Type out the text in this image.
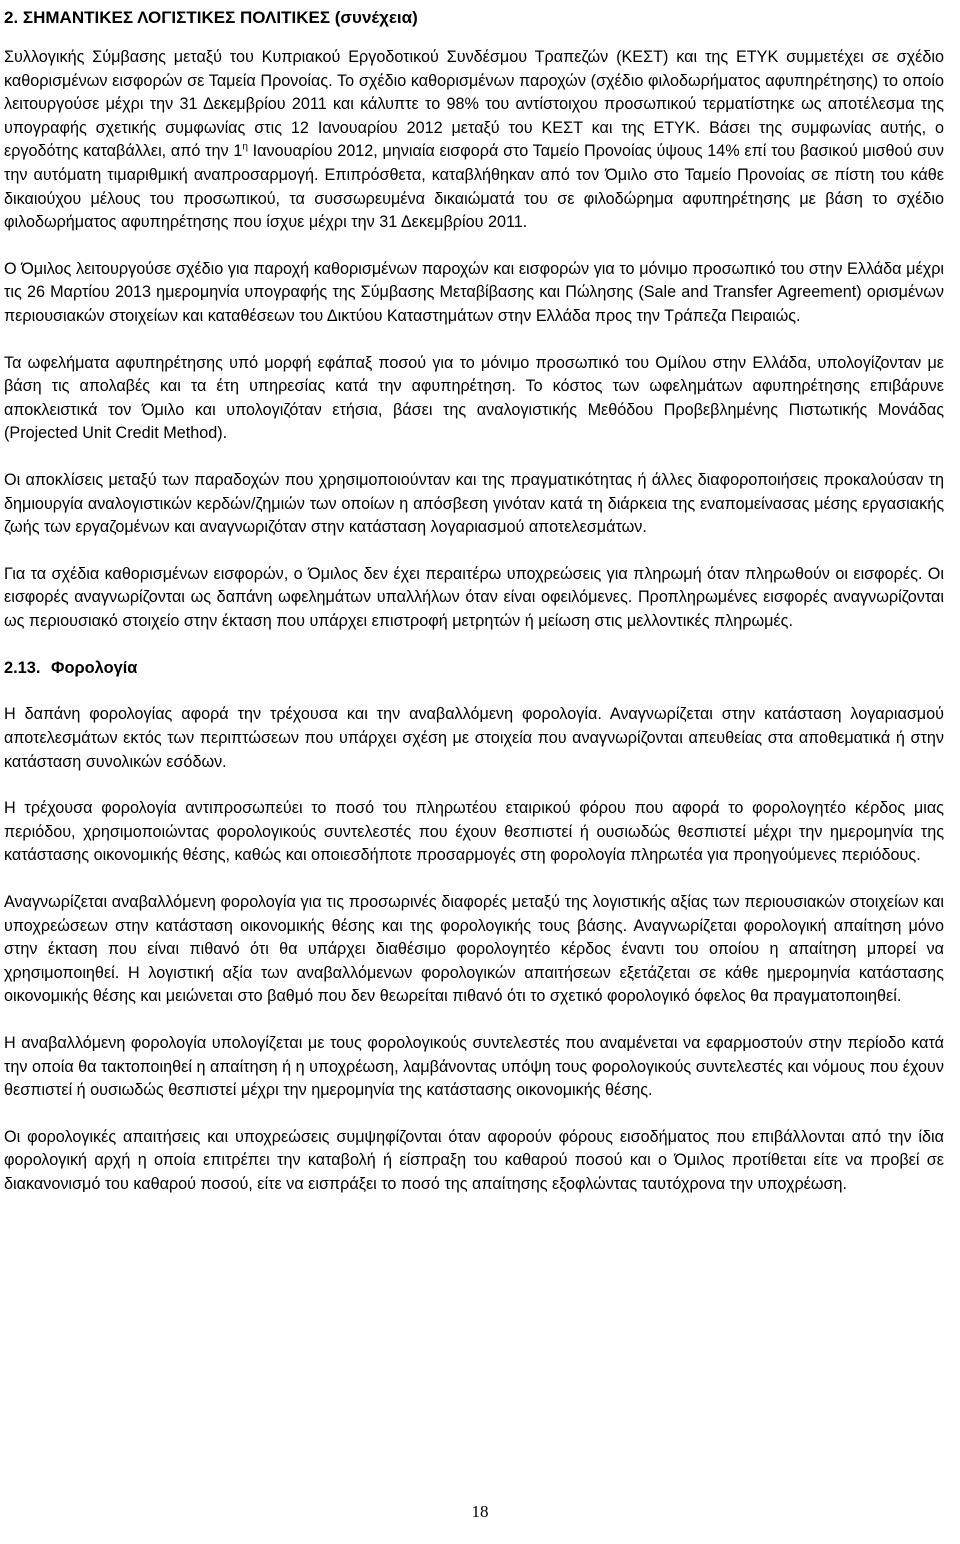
2. ΣΗΜΑΝΤΙΚΕΣ ΛΟΓΙΣΤΙΚΕΣ ΠΟΛΙΤΙΚΕΣ (συνέχεια)

Συλλογικής Σύμβασης μεταξύ του Κυπριακού Εργοδοτικού Συνδέσμου Τραπεζών (ΚΕΣΤ) και της ΕΤΥΚ συμμετέχει σε σχέδιο καθορισμένων εισφορών σε Ταμεία Προνοίας. Το σχέδιο καθορισμένων παροχών (σχέδιο φιλοδωρήματος αφυπηρέτησης) το οποίο λειτουργούσε μέχρι την 31 Δεκεμβρίου 2011 και κάλυπτε το 98% του αντίστοιχου προσωπικού τερματίστηκε ως αποτέλεσμα της υπογραφής σχετικής συμφωνίας στις 12 Ιανουαρίου 2012 μεταξύ του ΚΕΣΤ και της ΕΤΥΚ. Βάσει της συμφωνίας αυτής, ο εργοδότης καταβάλλει, από την $1^\eta$ Ιανουαρίου 2012, μηνιαία εισφορά στο Ταμείο Προνοίας ύψους 14% επί του βασικού μισθού συν την αυτόματη τιμαριθμική αναπροσαρμογή. Επιπρόσθετα, καταβλήθηκαν από τον Όμιλο στο Ταμείο Προνοίας σε πίστη του κάθε δικαιούχου μέλους του προσωπικού, τα συσσωρευμένα δικαιώματά του σε φιλοδώρημα αφυπηρέτησης με βάση το σχέδιο φιλοδωρήματος αφυπηρέτησης που ίσχυε μέχρι την 31 Δεκεμβρίου 2011.

Ο Όμιλος λειτουργούσε σχέδιο για παροχή καθορισμένων παροχών και εισφορών για το μόνιμο προσωπικό του στην Ελλάδα μέχρι τις 26 Μαρτίου 2013 ημερομηνία υπογραφής της Σύμβασης Μεταβίβασης και Πώλησης (Sale and Transfer Agreement) ορισμένων περιουσιακών στοιχείων και καταθέσεων του Δικτύου Καταστημάτων στην Ελλάδα προς την Τράπεζα Πειραιώς.

Τα ωφελήματα αφυπηρέτησης υπό μορφή εφάπαξ ποσού για το μόνιμο προσωπικό του Ομίλου στην Ελλάδα, υπολογίζονταν με βάση τις απολαβές και τα έτη υπηρεσίας κατά την αφυπηρέτηση. Το κόστος των ωφελημάτων αφυπηρέτησης επιβάρυνε αποκλειστικά τον Όμιλο και υπολογιζόταν ετήσια, βάσει της αναλογιστικής Μεθόδου Προβεβλημένης Πιστωτικής Μονάδας (Projected Unit Credit Method).

Οι αποκλίσεις μεταξύ των παραδοχών που χρησιμοποιούνταν και της πραγματικότητας ή άλλες διαφοροποιήσεις προκαλούσαν τη δημιουργία αναλογιστικών κερδών/ζημιών των οποίων η απόσβεση γινόταν κατά τη διάρκεια της εναπομείνασας μέσης εργασιακής ζωής των εργαζομένων και αναγνωριζόταν στην κατάσταση λογαριασμού αποτελεσμάτων.

Για τα σχέδια καθορισμένων εισφορών, ο Όμιλος δεν έχει περαιτέρω υποχρεώσεις για πληρωμή όταν πληρωθούν οι εισφορές. Οι εισφορές αναγνωρίζονται ως δαπάνη ωφελημάτων υπαλλήλων όταν είναι οφειλόμενες. Προπληρωμένες εισφορές αναγνωρίζονται ως περιουσιακό στοιχείο στην έκταση που υπάρχει επιστροφή μετρητών ή μείωση στις μελλοντικές πληρωμές.

2.13. Φορολογία

Η δαπάνη φορολογίας αφορά την τρέχουσα και την αναβαλλόμενη φορολογία. Αναγνωρίζεται στην κατάσταση λογαριασμού αποτελεσμάτων εκτός των περιπτώσεων που υπάρχει σχέση με στοιχεία που αναγνωρίζονται απευθείας στα αποθεματικά ή στην κατάσταση συνολικών εσόδων.

Η τρέχουσα φορολογία αντιπροσωπεύει το ποσό του πληρωτέου εταιρικού φόρου που αφορά το φορολογητέο κέρδος μιας περιόδου, χρησιμοποιώντας φορολογικούς συντελεστές που έχουν θεσπιστεί ή ουσιωδώς θεσπιστεί μέχρι την ημερομηνία της κατάστασης οικονομικής θέσης, καθώς και οποιεσδήποτε προσαρμογές στη φορολογία πληρωτέα για προηγούμενες περιόδους.

Αναγνωρίζεται αναβαλλόμενη φορολογία για τις προσωρινές διαφορές μεταξύ της λογιστικής αξίας των περιουσιακών στοιχείων και υποχρεώσεων στην κατάσταση οικονομικής θέσης και της φορολογικής τους βάσης. Αναγνωρίζεται φορολογική απαίτηση μόνο στην έκταση που είναι πιθανό ότι θα υπάρχει διαθέσιμο φορολογητέο κέρδος έναντι του οποίου η απαίτηση μπορεί να χρησιμοποιηθεί. Η λογιστική αξία των αναβαλλόμενων φορολογικών απαιτήσεων εξετάζεται σε κάθε ημερομηνία κατάστασης οικονομικής θέσης και μειώνεται στο βαθμό που δεν θεωρείται πιθανό ότι το σχετικό φορολογικό όφελος θα πραγματοποιηθεί.

Η αναβαλλόμενη φορολογία υπολογίζεται με τους φορολογικούς συντελεστές που αναμένεται να εφαρμοστούν στην περίοδο κατά την οποία θα τακτοποιηθεί η απαίτηση ή η υποχρέωση, λαμβάνοντας υπόψη τους φορολογικούς συντελεστές και νόμους που έχουν θεσπιστεί ή ουσιωδώς θεσπιστεί μέχρι την ημερομηνία της κατάστασης οικονομικής θέσης.

Οι φορολογικές απαιτήσεις και υποχρεώσεις συμψηφίζονται όταν αφορούν φόρους εισοδήματος που επιβάλλονται από την ίδια φορολογική αρχή η οποία επιτρέπει την καταβολή ή είσπραξη του καθαρού ποσού και ο Όμιλος προτίθεται είτε να προβεί σε διακανονισμό του καθαρού ποσού, είτε να εισπράξει το ποσό της απαίτησης εξοφλώντας ταυτόχρονα την υποχρέωση.

18
